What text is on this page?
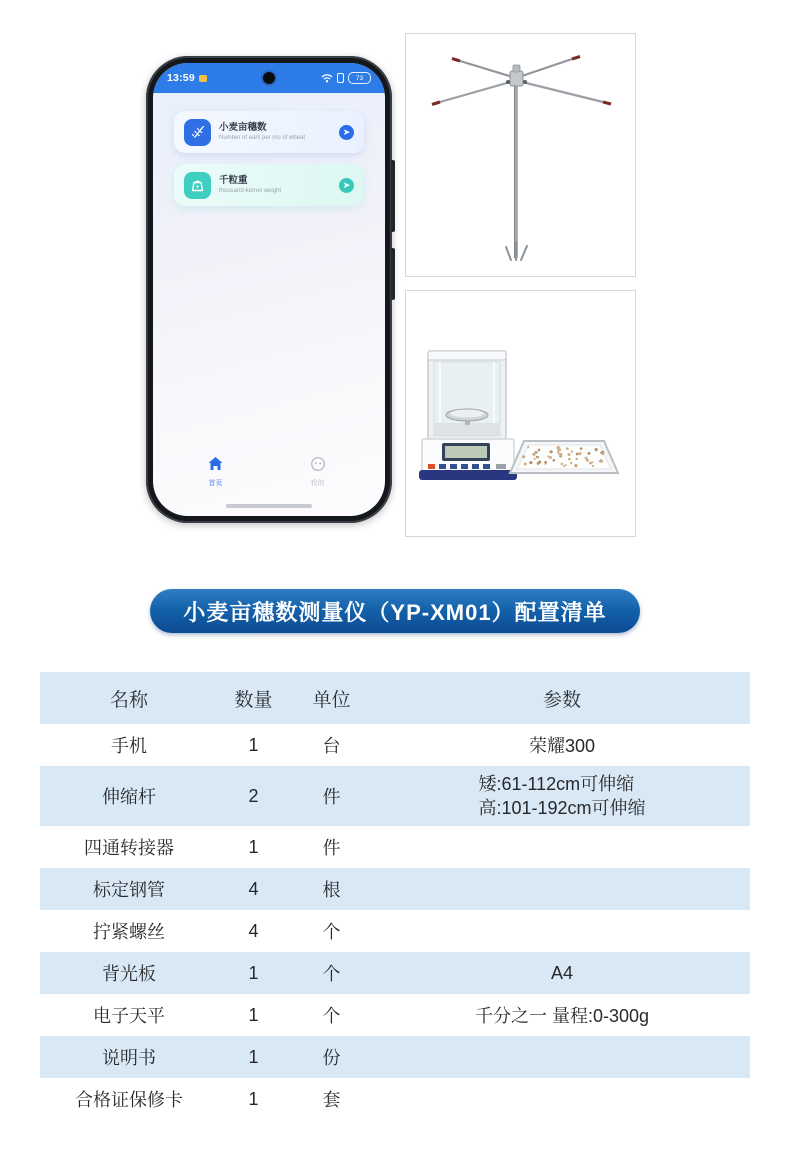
13:59	73
小麦亩穗数
Number of ears per mu of wheat
➤
千粒重
thousand-kernel weight
➤
首页	我的
小麦亩穗数测量仪（YP-XM01）配置清单
名称	数量	单位	参数
手机	1	台	荣耀300
伸缩杆	2	件	矮:61-112cm可伸缩
高:101-192cm可伸缩

四通转接器	1	件	
标定钢管	4	根	
拧紧螺丝	4	个	
背光板	1	个	A4
电子天平	1	个	千分之一 量程:0-300g
说明书	1	份	
合格证保修卡	1	套	
